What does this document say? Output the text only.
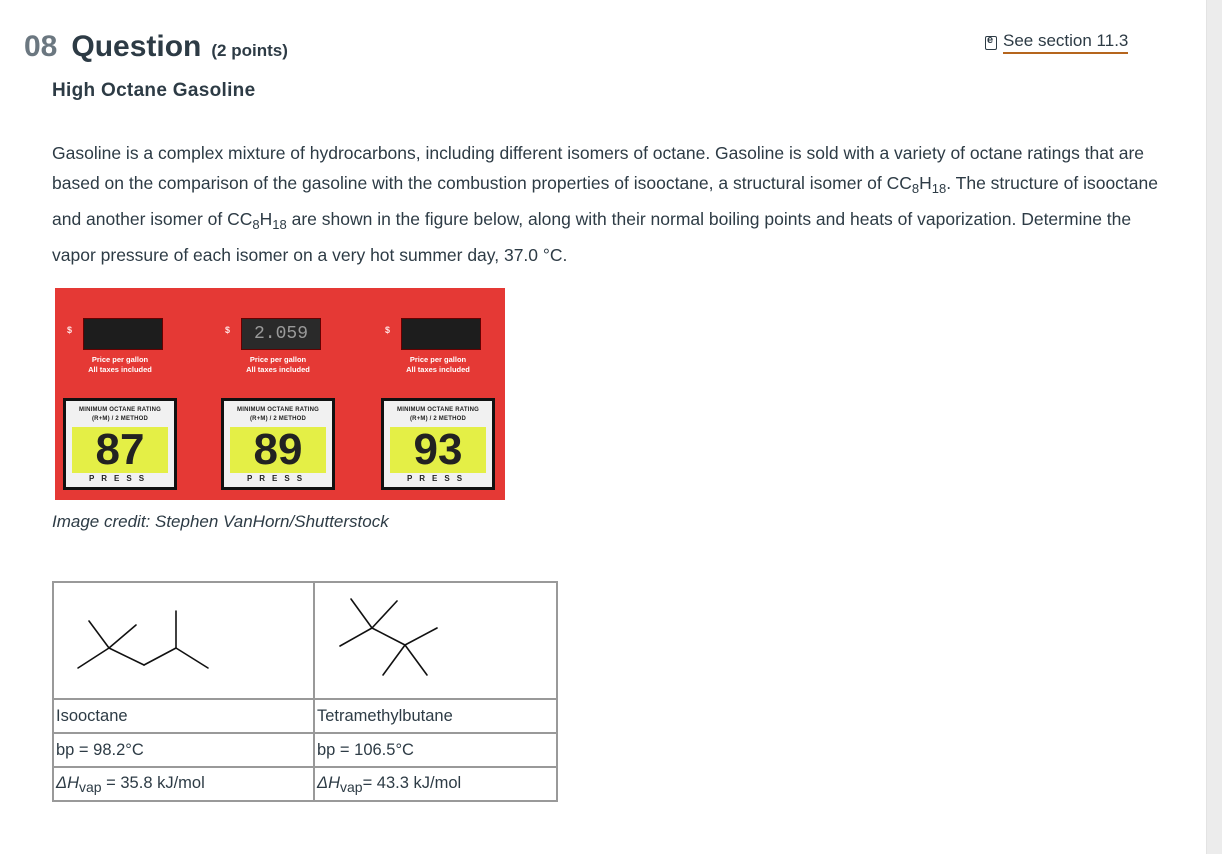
08 Question (2 points)
e
See section 11.3
High Octane Gasoline
Gasoline is a complex mixture of hydrocarbons, including different isomers of octane. Gasoline is sold with a variety of octane ratings that are based on the comparison of the gasoline with the combustion properties of isooctane, a structural isomer of $CC_8H_{18}$. The structure of isooctane and another isomer of $CC_8H_{18}$ are shown in the figure below, along with their normal boiling points and heats of vaporization. Determine the vapor pressure of each isomer on a very hot summer day, 37.0 °C.
$
Price per gallon
All taxes included
MINIMUM OCTANE RATING
(R+M) / 2 METHOD
87
PRESS
$	2.059
Price per gallon
All taxes included
MINIMUM OCTANE RATING
(R+M) / 2 METHOD
89
PRESS
$
Price per gallon
All taxes included
MINIMUM OCTANE RATING
(R+M) / 2 METHOD
93
PRESS
Image credit: Stephen VanHorn/Shutterstock

Isooctane	Tetramethylbutane
bp = 98.2°C	bp = 106.5°C
$\Delta H_{vap} = 35.8$ kJ/mol	$\Delta H_{vap}= 43.3$ kJ/mol
